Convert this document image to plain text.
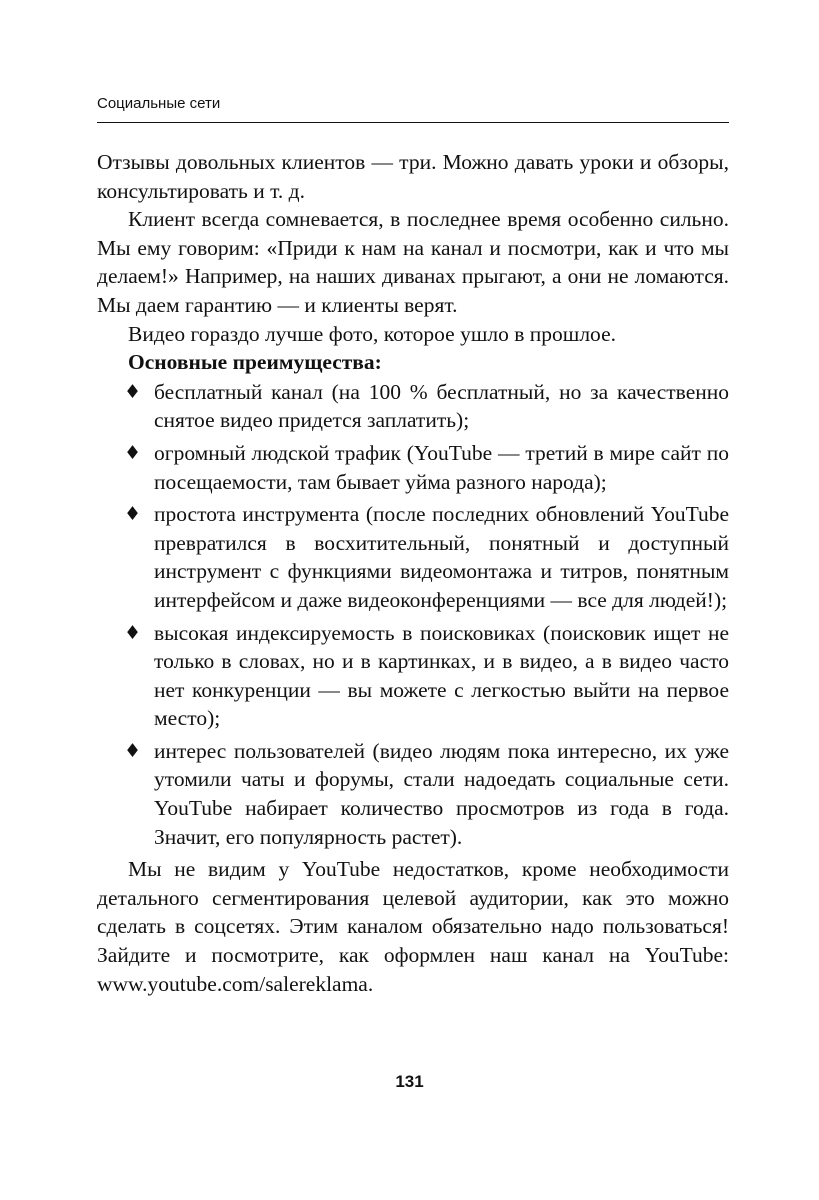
Социальные сети

Отзывы довольных клиентов — три. Можно давать уроки и обзоры, консультировать и т. д.

Клиент всегда сомневается, в последнее время особенно сильно. Мы ему говорим: «Приди к нам на канал и посмотри, как и что мы делаем!» Например, на наших диванах прыгают, а они не ломаются. Мы даем гарантию — и клиенты верят.

Видео гораздо лучше фото, которое ушло в прошлое.

Основные преимущества:

♦ бесплатный канал (на 100 % бесплатный, но за качественно снятое видео придется заплатить);
♦ огромный людской трафик (YouTube — третий в мире сайт по посещаемости, там бывает уйма разного народа);
♦ простота инструмента (после последних обновлений YouTube превратился в восхитительный, понятный и доступный инструмент с функциями видеомонтажа и титров, понятным интерфейсом и даже видеоконференциями — все для людей!);
♦ высокая индексируемость в поисковиках (поисковик ищет не только в словах, но и в картинках, и в видео, а в видео часто нет конкуренции — вы можете с легкостью выйти на первое место);
♦ интерес пользователей (видео людям пока интересно, их уже утомили чаты и форумы, стали надоедать социальные сети. YouTube набирает количество просмотров из года в года. Значит, его популярность растет).

Мы не видим у YouTube недостатков, кроме необходимости детального сегментирования целевой аудитории, как это можно сделать в соцсетях. Этим каналом обязательно надо пользоваться! Зайдите и посмотрите, как оформлен наш канал на YouTube: www.youtube.com/salereklama.

131
